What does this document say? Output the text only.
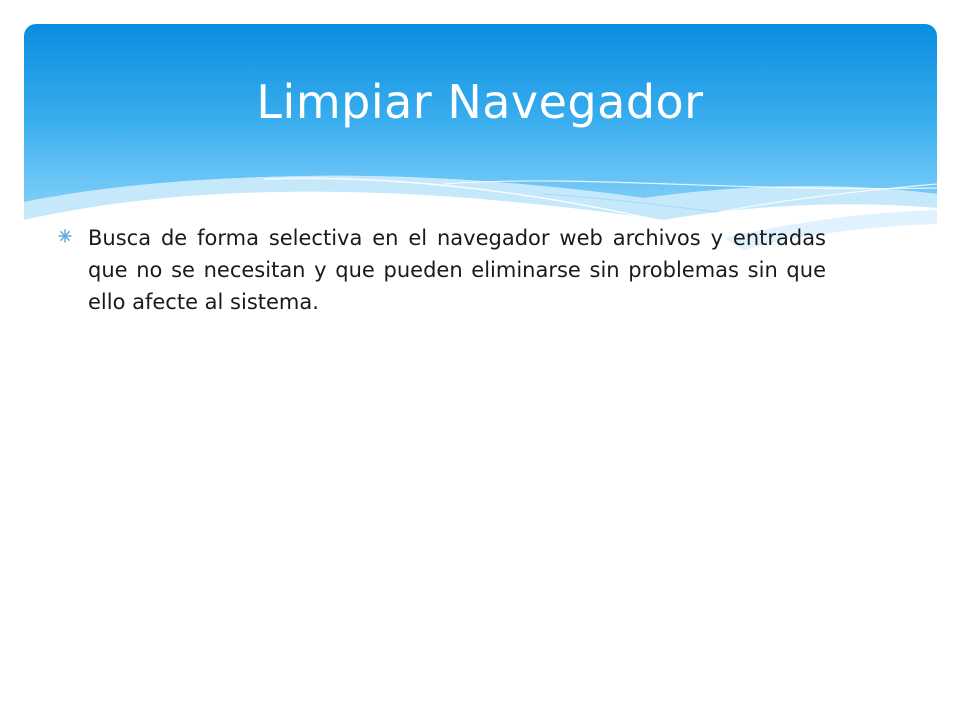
Limpiar Navegador

Busca de forma selectiva en el navegador web archivos y entradas que no se necesitan y que pueden eliminarse sin problemas sin que ello afecte al sistema.
